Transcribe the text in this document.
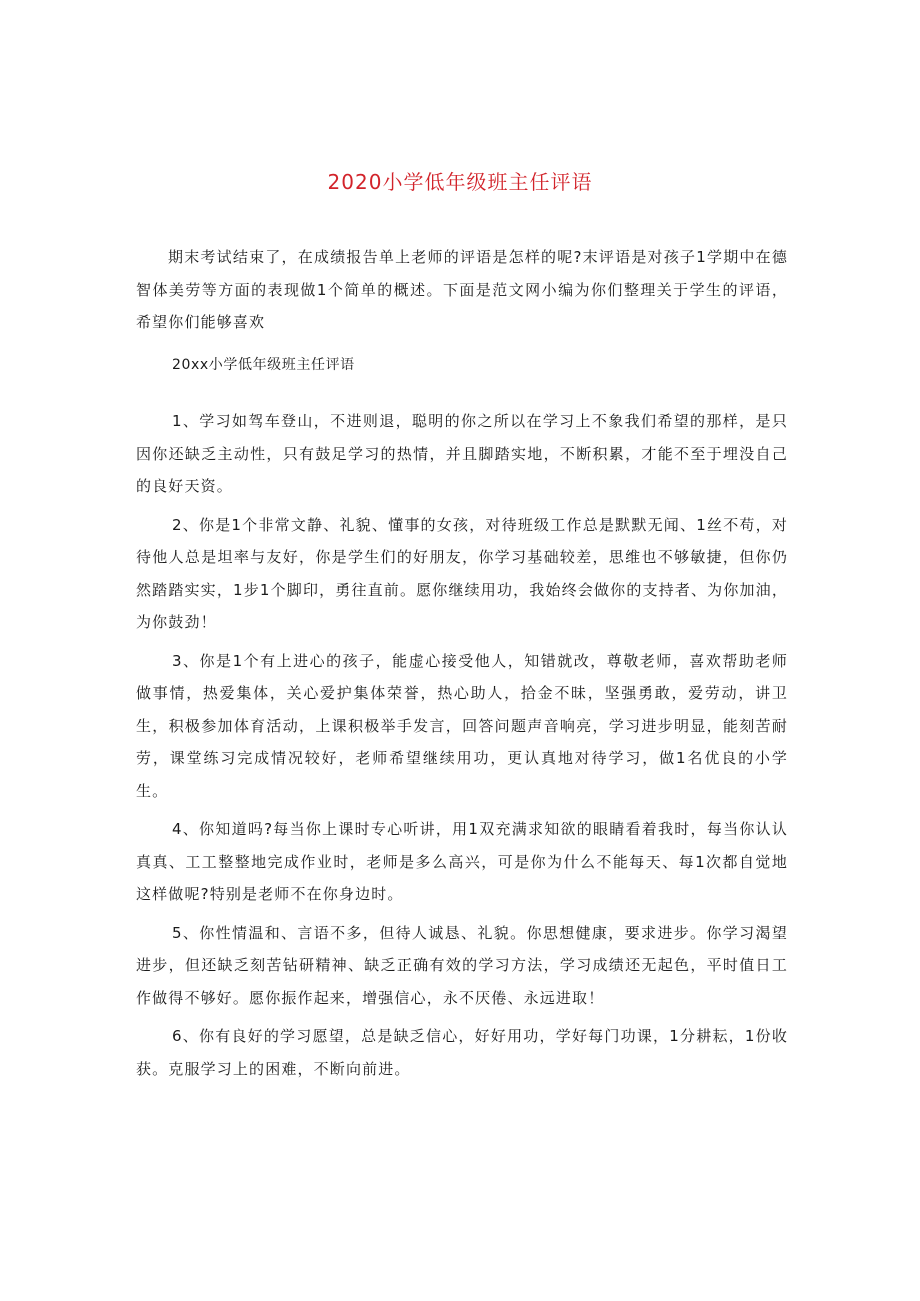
2020小学低年级班主任评语

期末考试结束了，在成绩报告单上老师的评语是怎样的呢?末评语是对孩子1学期中在德智体美劳等方面的表现做1个简单的概述。下面是范文网小编为你们整理关于学生的评语，希望你们能够喜欢

20xx小学低年级班主任评语
1、学习如驾车登山，不进则退，聪明的你之所以在学习上不象我们希望的那样，是只因你还缺乏主动性，只有鼓足学习的热情，并且脚踏实地，不断积累，才能不至于埋没自己的良好天资。
2、你是1个非常文静、礼貌、懂事的女孩，对待班级工作总是默默无闻、1丝不苟，对待他人总是坦率与友好，你是学生们的好朋友，你学习基础较差，思维也不够敏捷，但你仍然踏踏实实，1步1个脚印，勇往直前。愿你继续用功，我始终会做你的支持者、为你加油，为你鼓劲！
3、你是1个有上进心的孩子，能虚心接受他人，知错就改，尊敬老师，喜欢帮助老师做事情，热爱集体，关心爱护集体荣誉，热心助人，拾金不昧，坚强勇敢，爱劳动，讲卫生，积极参加体育活动，上课积极举手发言，回答问题声音响亮，学习进步明显，能刻苦耐劳，课堂练习完成情况较好，老师希望继续用功，更认真地对待学习，做1名优良的小学生。
4、你知道吗?每当你上课时专心听讲，用1双充满求知欲的眼睛看着我时，每当你认认真真、工工整整地完成作业时，老师是多么高兴，可是你为什么不能每天、每1次都自觉地这样做呢?特别是老师不在你身边时。
5、你性情温和、言语不多，但待人诚恳、礼貌。你思想健康，要求进步。你学习渴望进步，但还缺乏刻苦钻研精神、缺乏正确有效的学习方法，学习成绩还无起色，平时值日工作做得不够好。愿你振作起来，增强信心，永不厌倦、永远进取！
6、你有良好的学习愿望，总是缺乏信心，好好用功，学好每门功课，1分耕耘，1份收获。克服学习上的困难，不断向前进。
